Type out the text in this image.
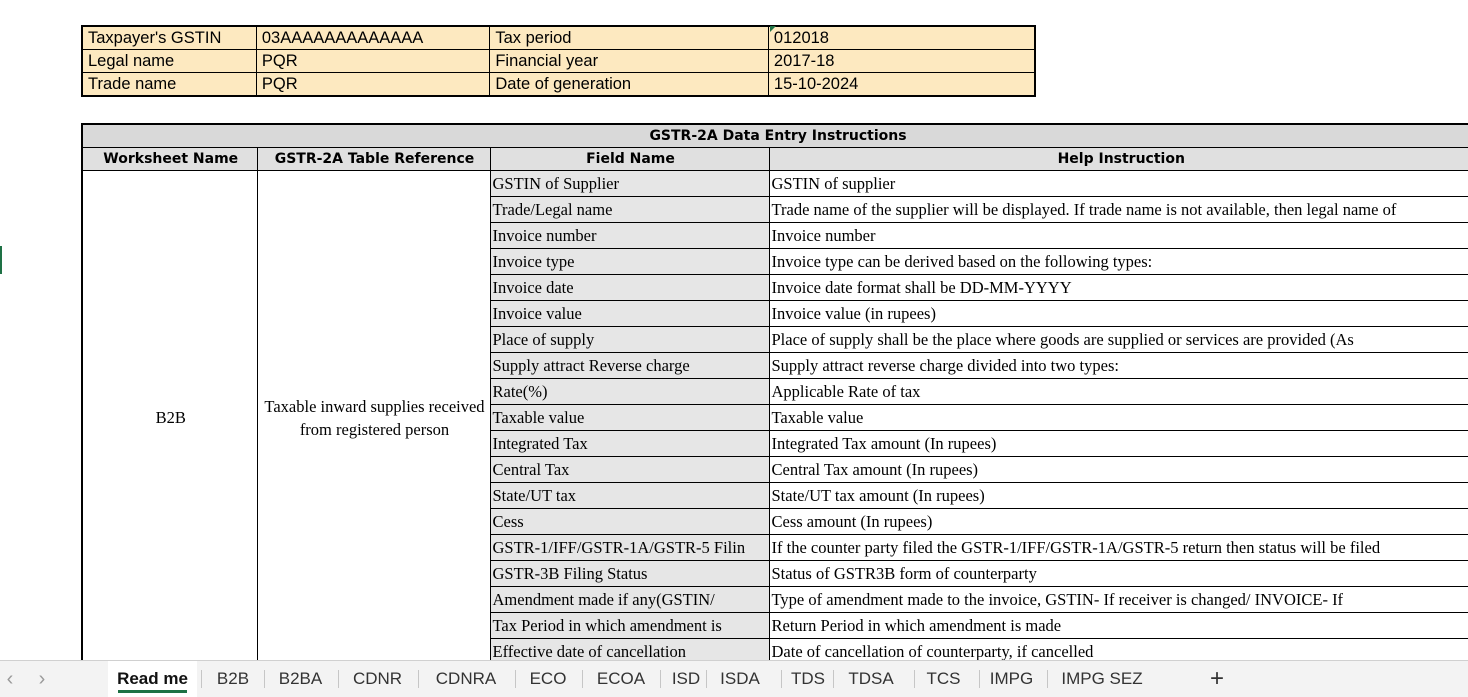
Taxpayer's GSTIN	03AAAAAAAAAAAAA	Tax period	012018
Legal name	PQR	Financial year	2017-18
Trade name	PQR	Date of generation	15-10-2024
GSTR-2A Data Entry Instructions			
Worksheet Name	GSTR-2A Table Reference	Field Name	Help Instruction
B2B	Taxable inward supplies received from registered person	GSTIN of Supplier	GSTIN of supplier
		Trade/Legal name	Trade name of the supplier will be displayed. If trade name is not available, then legal name of
		Invoice number	Invoice number
		Invoice type	Invoice type can be derived based on the following types:
		Invoice date	Invoice date format shall be DD-MM-YYYY
		Invoice value	Invoice value (in rupees)
		Place of supply	Place of supply shall be the place where goods are supplied or services are provided (As
		Supply attract Reverse charge	Supply attract reverse charge divided into two types:
		Rate(%)	Applicable Rate of tax
		Taxable value	Taxable value
		Integrated Tax	Integrated Tax amount (In rupees)
		Central Tax	Central Tax amount (In rupees)
		State/UT tax	State/UT tax amount (In rupees)
		Cess	Cess amount (In rupees)
		GSTR-1/IFF/GSTR-1A/GSTR-5 Filin	If the counter party filed the GSTR-1/IFF/GSTR-1A/GSTR-5 return then status will be filed
		GSTR-3B Filing Status	Status of GSTR3B form of counterparty
		Amendment made if any(GSTIN/	Type of amendment made to the invoice, GSTIN- If receiver is changed/ INVOICE- If
		Tax Period in which amendment is	Return Period in which amendment is made
		Effective date of cancellation	Date of cancellation of counterparty, if cancelled
‹	›	Read me	B2B	B2BA	CDNR	CDNRA	ECO	ECOA	ISD	ISDA	TDS	TDSA	TCS	IMPG	IMPG SEZ	+
